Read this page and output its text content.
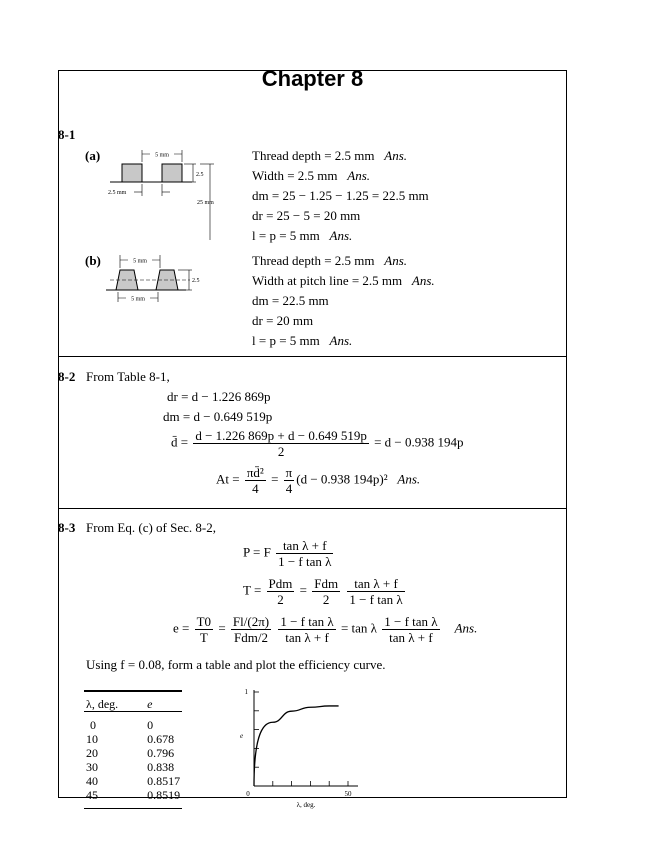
Chapter 8
8-1
(a)	5 mm
2.5
2.5 mm
25 mm
Thread depth = 2.5 mm Ans.
Width = 2.5 mm Ans.
dm = 25 − 1.25 − 1.25 = 22.5 mm
dr = 25 − 5 = 20 mm
l = p = 5 mm Ans.
(b)	5 mm
2.5
5 mm
Thread depth = 2.5 mm Ans.
Width at pitch line = 2.5 mm Ans.
dm = 22.5 mm
dr = 20 mm
l = p = 5 mm Ans.
8-2 From Table 8-1,
dr = d − 1.226 869p
dm = d − 0.649 519p
d̄ = $\frac{d - 1.226 869p + d - 0.649 519p}{2} = d - 0.938$ 194p
$At = \frac{\text{πd̄²}}{4} = \frac{\pi}{4} (d - 0.938$ 194p)² Ans.
8-3 From Eq. (c) of Sec. 8-2,
P = F $\frac{\text{tan λ + f}}{\text{1 − f tan λ}}$
$T = \frac{\text{Pdm}}{2} = \frac{\text{Fdm}}{2}$
$\frac{\text{tan λ + f}}{\text{1 − f tan λ}}$
$e = \frac{T0}{T} = \frac{Fl/(2\pi)}{\text{Fdm/2}}$
$\frac{\text{1 − f tan λ}}{\text{tan λ + f}} = \tan \lambda \frac{\text{1 − f tan λ}}{\text{tan λ + f}}$ Ans.
Using f = 0.08, form a table and plot the efficiency curve.
λ, deg.	e

0	0
10	0.678
20	0.796
30	0.838
40	0.8517
45	0.8519	0	50
1
e
λ, deg.
